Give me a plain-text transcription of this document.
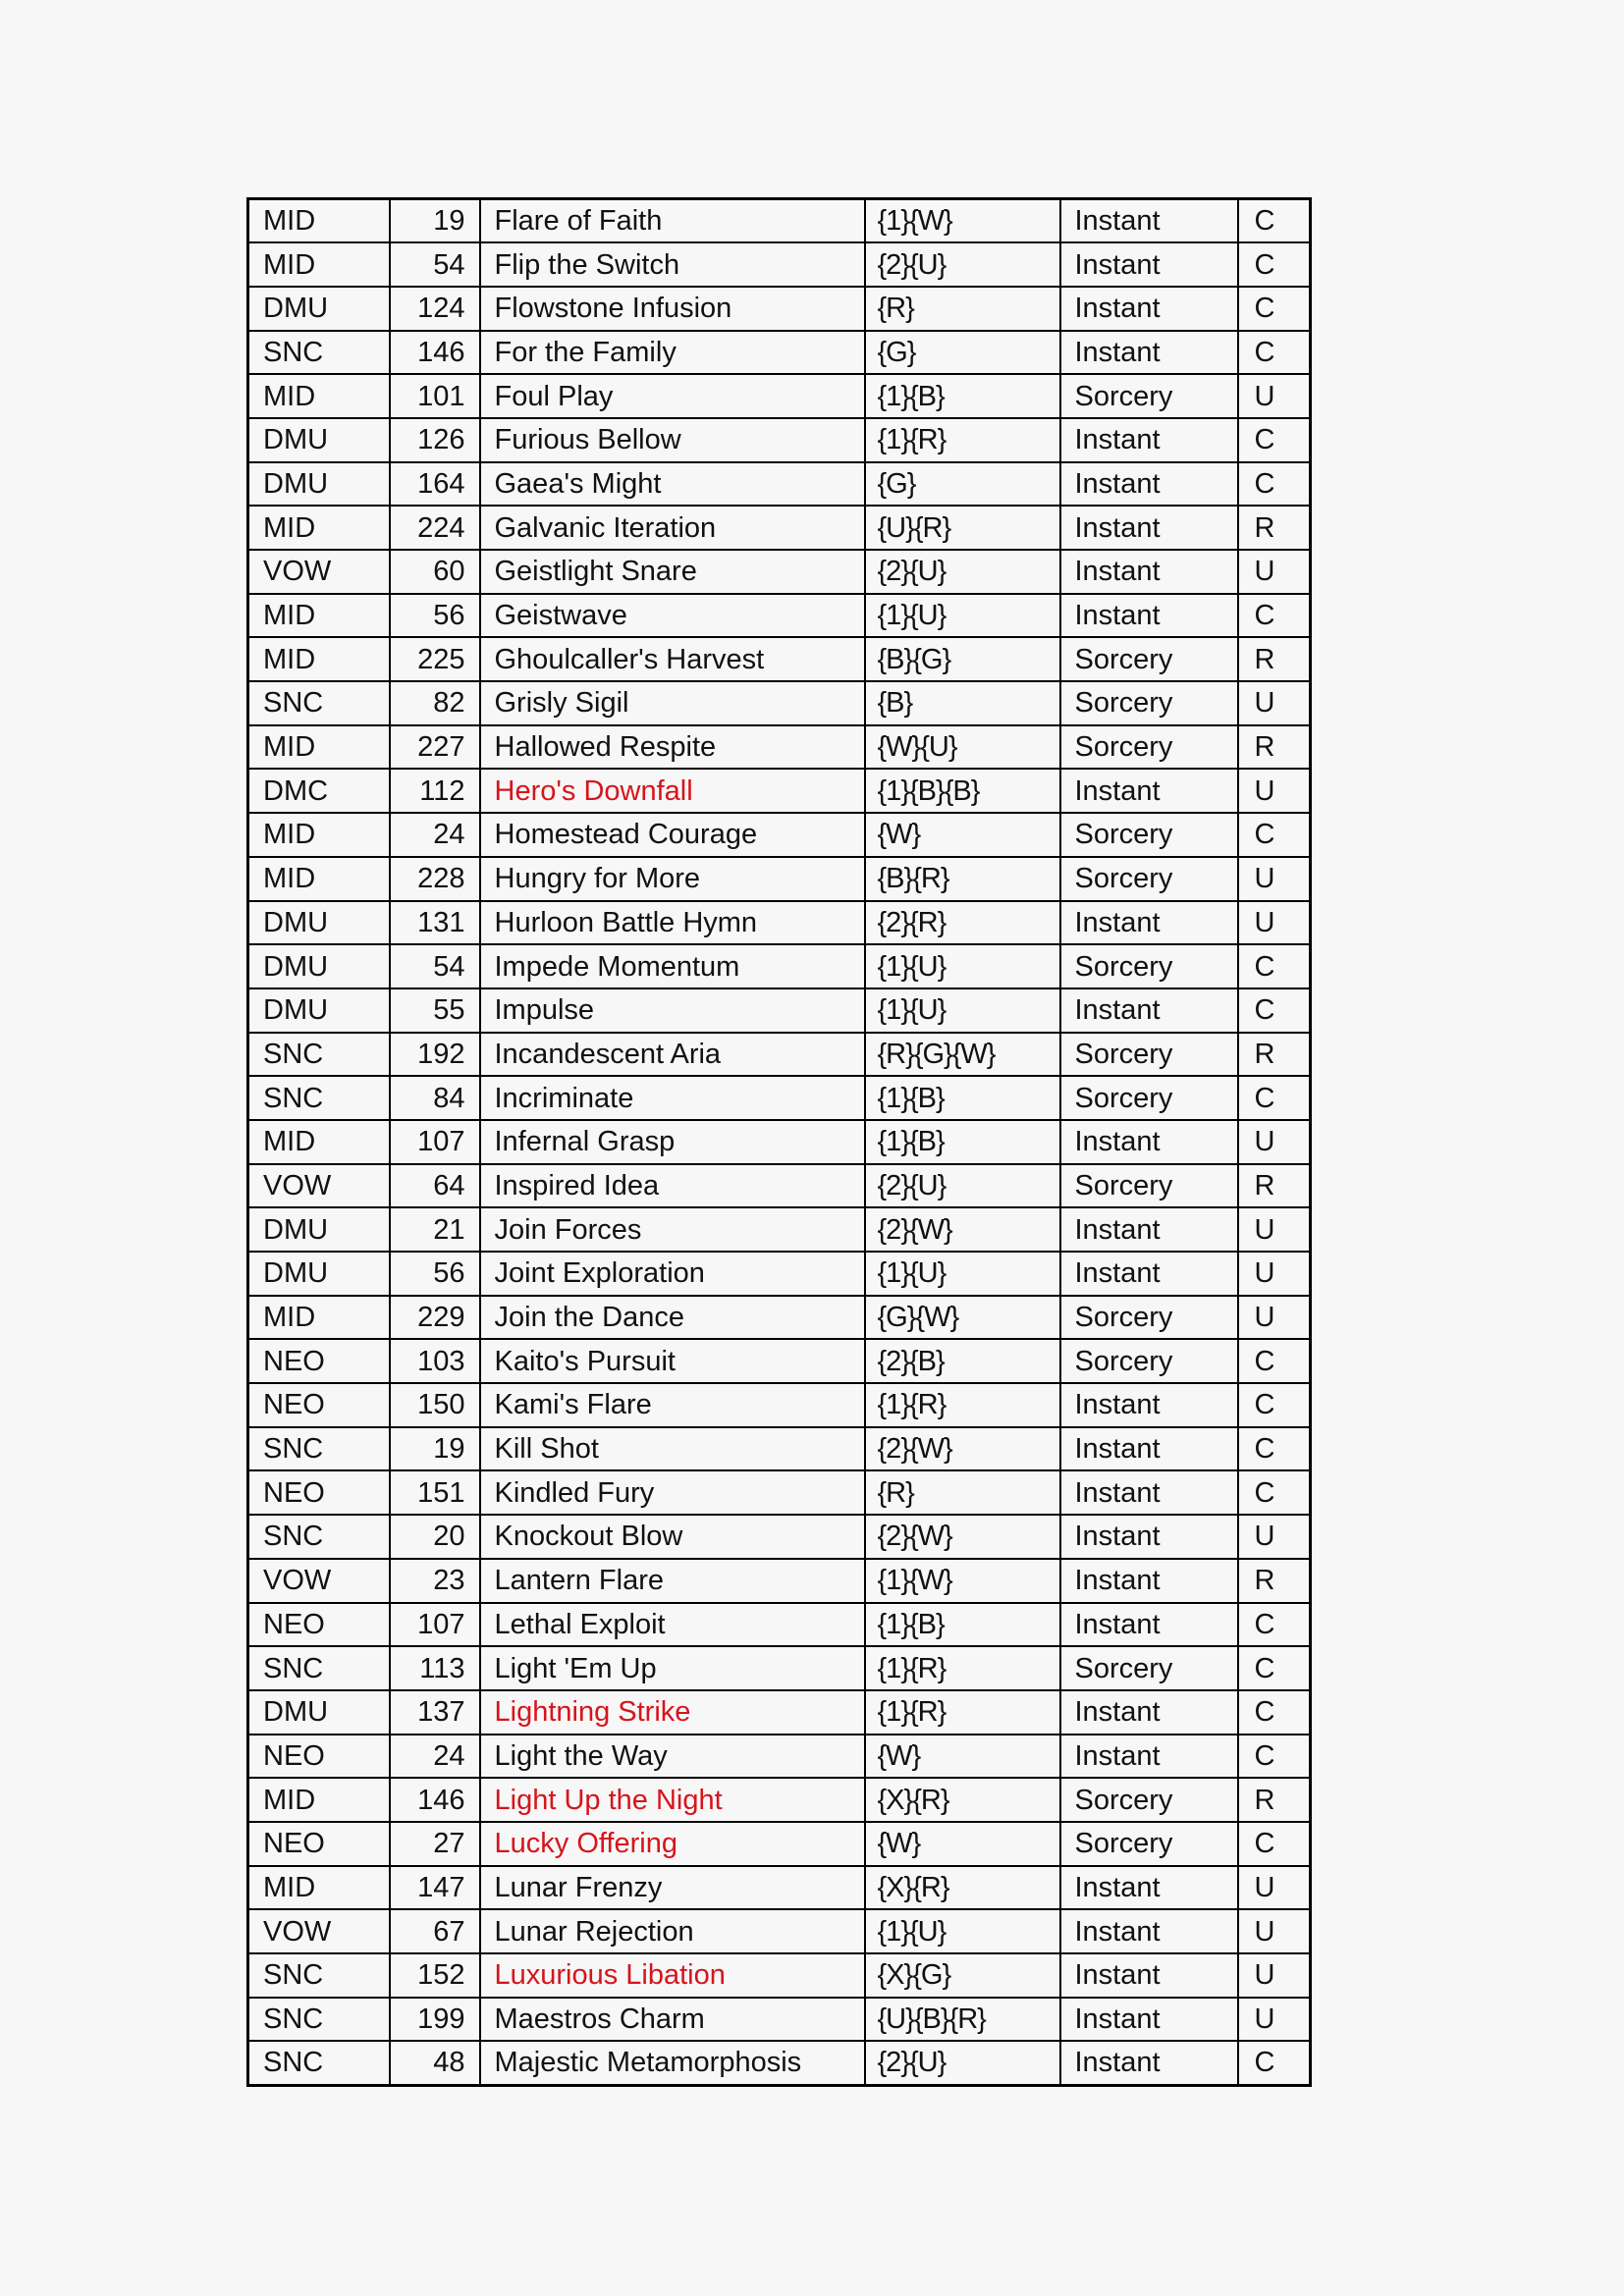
MID	19	Flare of Faith	{1}{W}	Instant	C
MID	54	Flip the Switch	{2}{U}	Instant	C
DMU	124	Flowstone Infusion	{R}	Instant	C
SNC	146	For the Family	{G}	Instant	C
MID	101	Foul Play	{1}{B}	Sorcery	U
DMU	126	Furious Bellow	{1}{R}	Instant	C
DMU	164	Gaea's Might	{G}	Instant	C
MID	224	Galvanic Iteration	{U}{R}	Instant	R
VOW	60	Geistlight Snare	{2}{U}	Instant	U
MID	56	Geistwave	{1}{U}	Instant	C
MID	225	Ghoulcaller's Harvest	{B}{G}	Sorcery	R
SNC	82	Grisly Sigil	{B}	Sorcery	U
MID	227	Hallowed Respite	{W}{U}	Sorcery	R
DMC	112	Hero's Downfall	{1}{B}{B}	Instant	U
MID	24	Homestead Courage	{W}	Sorcery	C
MID	228	Hungry for More	{B}{R}	Sorcery	U
DMU	131	Hurloon Battle Hymn	{2}{R}	Instant	U
DMU	54	Impede Momentum	{1}{U}	Sorcery	C
DMU	55	Impulse	{1}{U}	Instant	C
SNC	192	Incandescent Aria	{R}{G}{W}	Sorcery	R
SNC	84	Incriminate	{1}{B}	Sorcery	C
MID	107	Infernal Grasp	{1}{B}	Instant	U
VOW	64	Inspired Idea	{2}{U}	Sorcery	R
DMU	21	Join Forces	{2}{W}	Instant	U
DMU	56	Joint Exploration	{1}{U}	Instant	U
MID	229	Join the Dance	{G}{W}	Sorcery	U
NEO	103	Kaito's Pursuit	{2}{B}	Sorcery	C
NEO	150	Kami's Flare	{1}{R}	Instant	C
SNC	19	Kill Shot	{2}{W}	Instant	C
NEO	151	Kindled Fury	{R}	Instant	C
SNC	20	Knockout Blow	{2}{W}	Instant	U
VOW	23	Lantern Flare	{1}{W}	Instant	R
NEO	107	Lethal Exploit	{1}{B}	Instant	C
SNC	113	Light 'Em Up	{1}{R}	Sorcery	C
DMU	137	Lightning Strike	{1}{R}	Instant	C
NEO	24	Light the Way	{W}	Instant	C
MID	146	Light Up the Night	{X}{R}	Sorcery	R
NEO	27	Lucky Offering	{W}	Sorcery	C
MID	147	Lunar Frenzy	{X}{R}	Instant	U
VOW	67	Lunar Rejection	{1}{U}	Instant	U
SNC	152	Luxurious Libation	{X}{G}	Instant	U
SNC	199	Maestros Charm	{U}{B}{R}	Instant	U
SNC	48	Majestic Metamorphosis	{2}{U}	Instant	C
